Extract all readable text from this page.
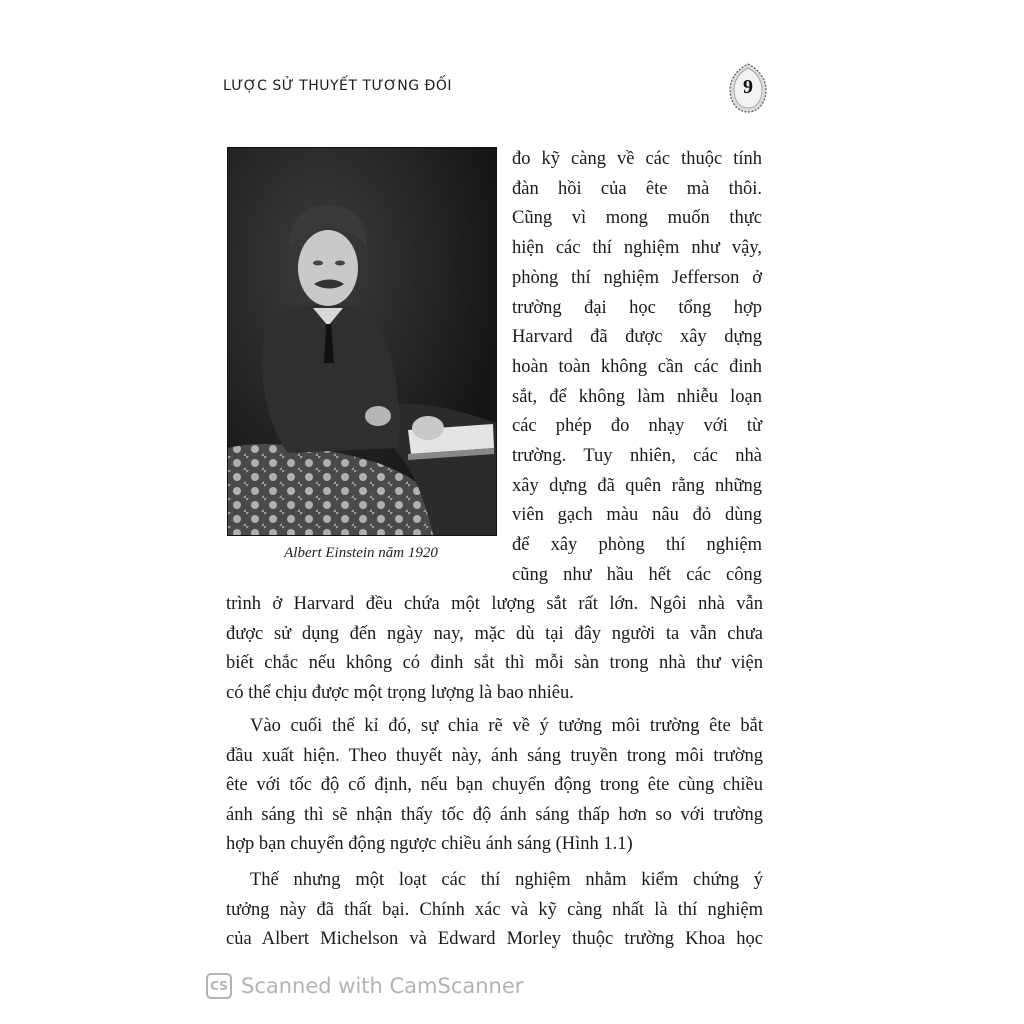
LƯỢC SỬ THUYẾT TƯƠNG ĐỐI	9
Albert Einstein năm 1920
đo kỹ càng về các thuộc tính
đàn hồi của ête mà thôi.
Cũng vì mong muốn thực
hiện các thí nghiệm như vậy,
phòng thí nghiệm Jefferson ở
trường đại học tổng hợp
Harvard đã được xây dựng
hoàn toàn không cần các đinh
sắt, để không làm nhiễu loạn
các phép đo nhạy với từ
trường. Tuy nhiên, các nhà
xây dựng đã quên rằng những
viên gạch màu nâu đỏ dùng
để xây phòng thí nghiệm
cũng như hầu hết các công
trình ở Harvard đều chứa một lượng sắt rất lớn. Ngôi nhà vẫn
được sử dụng đến ngày nay, mặc dù tại đây người ta vẫn chưa
biết chắc nếu không có đinh sắt thì mỗi sàn trong nhà thư viện
có thể chịu được một trọng lượng là bao nhiêu.
Vào cuối thế kỉ đó, sự chia rẽ về ý tưởng môi trường ête bắt
đầu xuất hiện. Theo thuyết này, ánh sáng truyền trong môi trường
ête với tốc độ cố định, nếu bạn chuyển động trong ête cùng chiều
ánh sáng thì sẽ nhận thấy tốc độ ánh sáng thấp hơn so với trường
hợp bạn chuyển động ngược chiều ánh sáng (Hình 1.1)
Thế nhưng một loạt các thí nghiệm nhằm kiểm chứng ý
tưởng này đã thất bại. Chính xác và kỹ càng nhất là thí nghiệm
của Albert Michelson và Edward Morley thuộc trường Khoa học
CS Scanned with CamScanner
